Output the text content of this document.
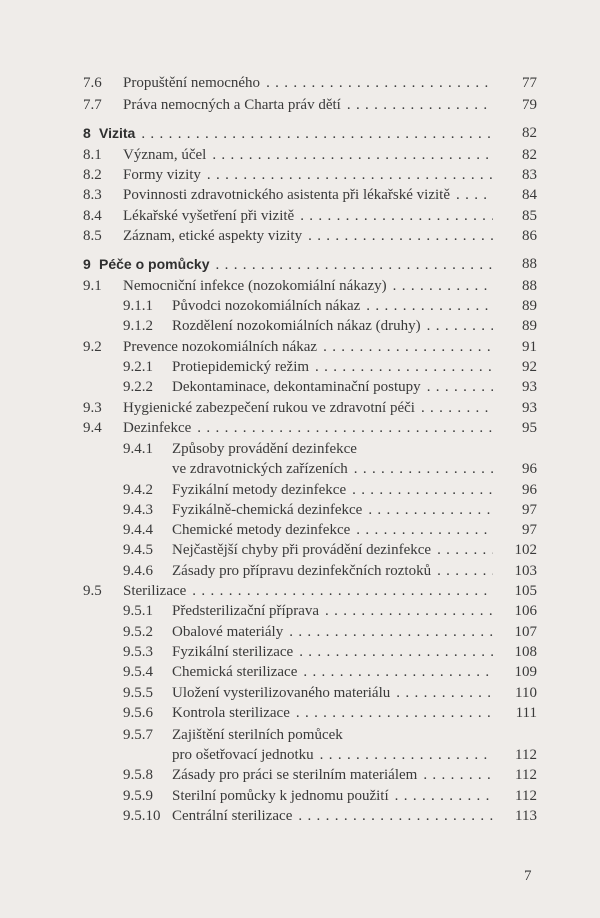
7.6 Propuštění nemocného . . .	77
7.7 Práva nemocných a Charta práv dětí . . .	79
8 Vizita . . .	82
8.1 Význam, účel . . .	82
8.2 Formy vizity . . .	83
8.3 Povinnosti zdravotnického asistenta při lékařské vizitě . . .	84
8.4 Lékařské vyšetření při vizitě . . .	85
8.5 Záznam, etické aspekty vizity . . .	86
9 Péče o pomůcky . . .	88
9.1 Nemocniční infekce (nozokomiální nákazy) . . .	88
9.1.1 Původci nozokomiálních nákaz . . .	89
9.1.2 Rozdělení nozokomiálních nákaz (druhy) . . .	89
9.2 Prevence nozokomiálních nákaz . . .	91
9.2.1 Protiepidemický režim . . .	92
9.2.2 Dekontaminace, dekontaminační postupy . . .	93
9.3 Hygienické zabezpečení rukou ve zdravotní péči . . .	93
9.4 Dezinfekce . . .	95
9.4.1 Způsoby provádění dezinfekce
ve zdravotnických zařízeních . . .	96
9.4.2 Fyzikální metody dezinfekce . . .	96
9.4.3 Fyzikálně-chemická dezinfekce . . .	97
9.4.4 Chemické metody dezinfekce . . .	97
9.4.5 Nejčastější chyby při provádění dezinfekce . . .	102
9.4.6 Zásady pro přípravu dezinfekčních roztoků . . .	103
9.5 Sterilizace . . .	105
9.5.1 Předsterilizační příprava . . .	106
9.5.2 Obalové materiály . . .	107
9.5.3 Fyzikální sterilizace . . .	108
9.5.4 Chemická sterilizace . . .	109
9.5.5 Uložení vysterilizovaného materiálu . . .	110
9.5.6 Kontrola sterilizace . . .	111
9.5.7 Zajištění sterilních pomůcek
pro ošetřovací jednotku . . .	112
9.5.8 Zásady pro práci se sterilním materiálem . . .	112
9.5.9 Sterilní pomůcky k jednomu použití . . .	112
9.5.10 Centrální sterilizace . . .	113
7
